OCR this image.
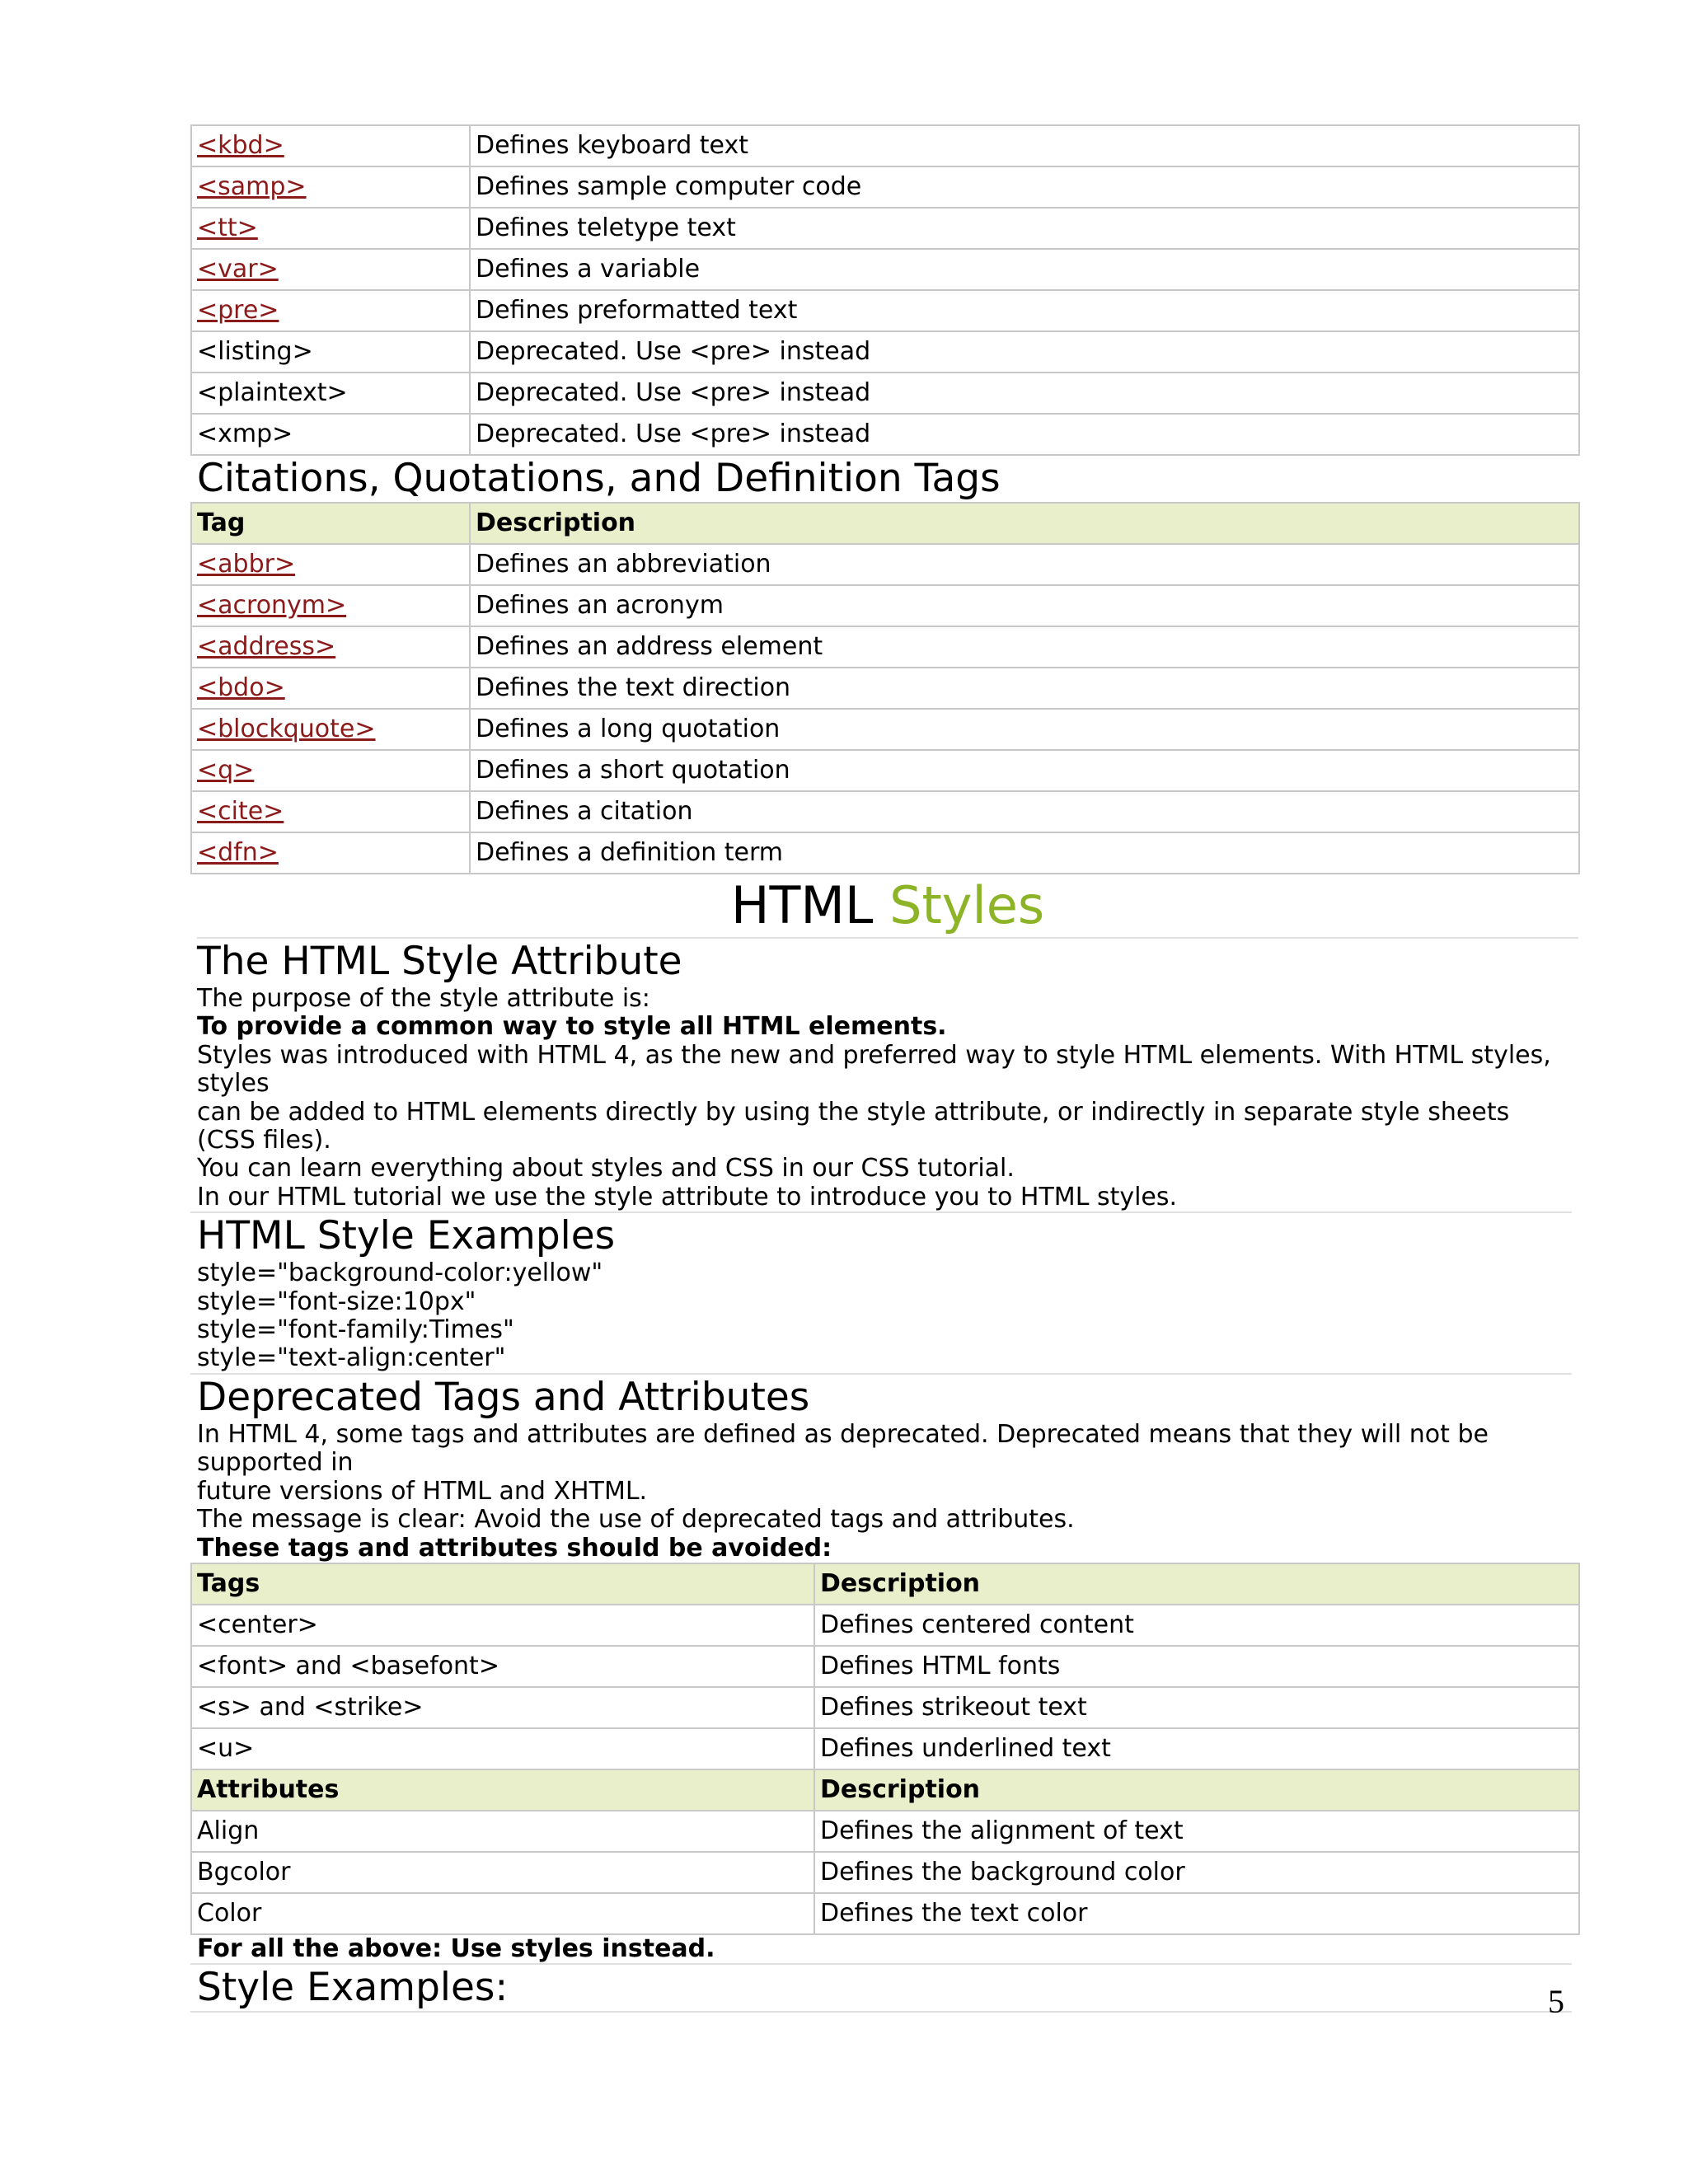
<kbd>	Defines keyboard text
<samp>	Defines sample computer code
<tt>	Defines teletype text
<var>	Defines a variable
<pre>	Defines preformatted text
<listing>	Deprecated. Use <pre> instead
<plaintext>	Deprecated. Use <pre> instead
<xmp>	Deprecated. Use <pre> instead
Citations, Quotations, and Definition Tags
Tag	Description
<abbr>	Defines an abbreviation
<acronym>	Defines an acronym
<address>	Defines an address element
<bdo>	Defines the text direction
<blockquote>	Defines a long quotation
<q>	Defines a short quotation
<cite>	Defines a citation
<dfn>	Defines a definition term
HTML Styles
The HTML Style Attribute
The purpose of the style attribute is:
To provide a common way to style all HTML elements.
Styles was introduced with HTML 4, as the new and preferred way to style HTML elements. With HTML styles, styles
can be added to HTML elements directly by using the style attribute, or indirectly in separate style sheets (CSS files).
You can learn everything about styles and CSS in our CSS tutorial.
In our HTML tutorial we use the style attribute to introduce you to HTML styles.
HTML Style Examples
style="background-color:yellow"
style="font-size:10px"
style="font-family:Times"
style="text-align:center"
Deprecated Tags and Attributes
In HTML 4, some tags and attributes are defined as deprecated. Deprecated means that they will not be supported in
future versions of HTML and XHTML.
The message is clear: Avoid the use of deprecated tags and attributes.
These tags and attributes should be avoided:
Tags	Description
<center>	Defines centered content
<font> and <basefont>	Defines HTML fonts
<s> and <strike>	Defines strikeout text
<u>	Defines underlined text
Attributes	Description
Align	Defines the alignment of text
Bgcolor	Defines the background color
Color	Defines the text color
For all the above: Use styles instead.
Style Examples:	5
